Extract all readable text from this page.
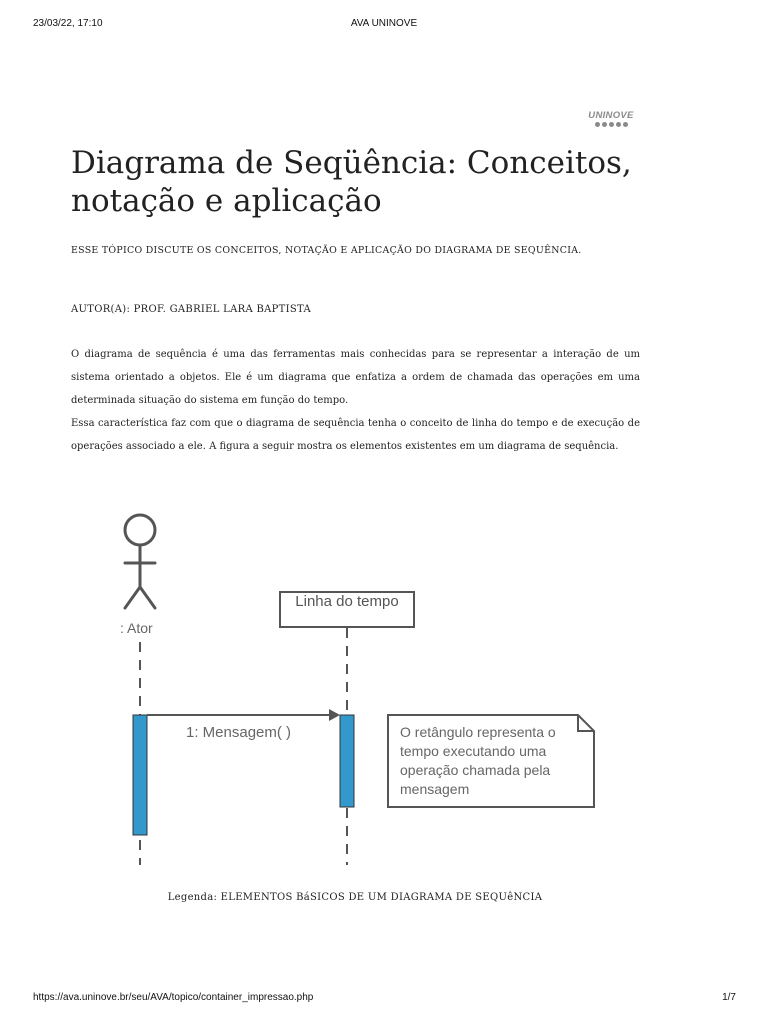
23/03/22, 17:10	AVA UNINOVE
UNINOVE
Diagrama de Seqüência: Conceitos, notação e aplicação

ESSE TÓPICO DISCUTE OS CONCEITOS, NOTAÇÃO E APLICAÇÃO DO DIAGRAMA DE SEQUÊNCIA.

AUTOR(A): PROF. GABRIEL LARA BAPTISTA

O diagrama de sequência é uma das ferramentas mais conhecidas para se representar a interação de um sistema orientado a objetos. Ele é um diagrama que enfatiza a ordem de chamada das operações em uma determinada situação do sistema em função do tempo.

Essa característica faz com que o diagrama de sequência tenha o conceito de linha do tempo e de execução de operações associado a ele. A figura a seguir mostra os elementos existentes em um diagrama de sequência.

: Ator
Linha do tempo
1: Mensagem( )	O retângulo representa o tempo executando uma operação chamada pela mensagem
Legenda: ELEMENTOS BáSICOS DE UM DIAGRAMA DE SEQUêNCIA
https://ava.uninove.br/seu/AVA/topico/container_impressao.php	1/7
